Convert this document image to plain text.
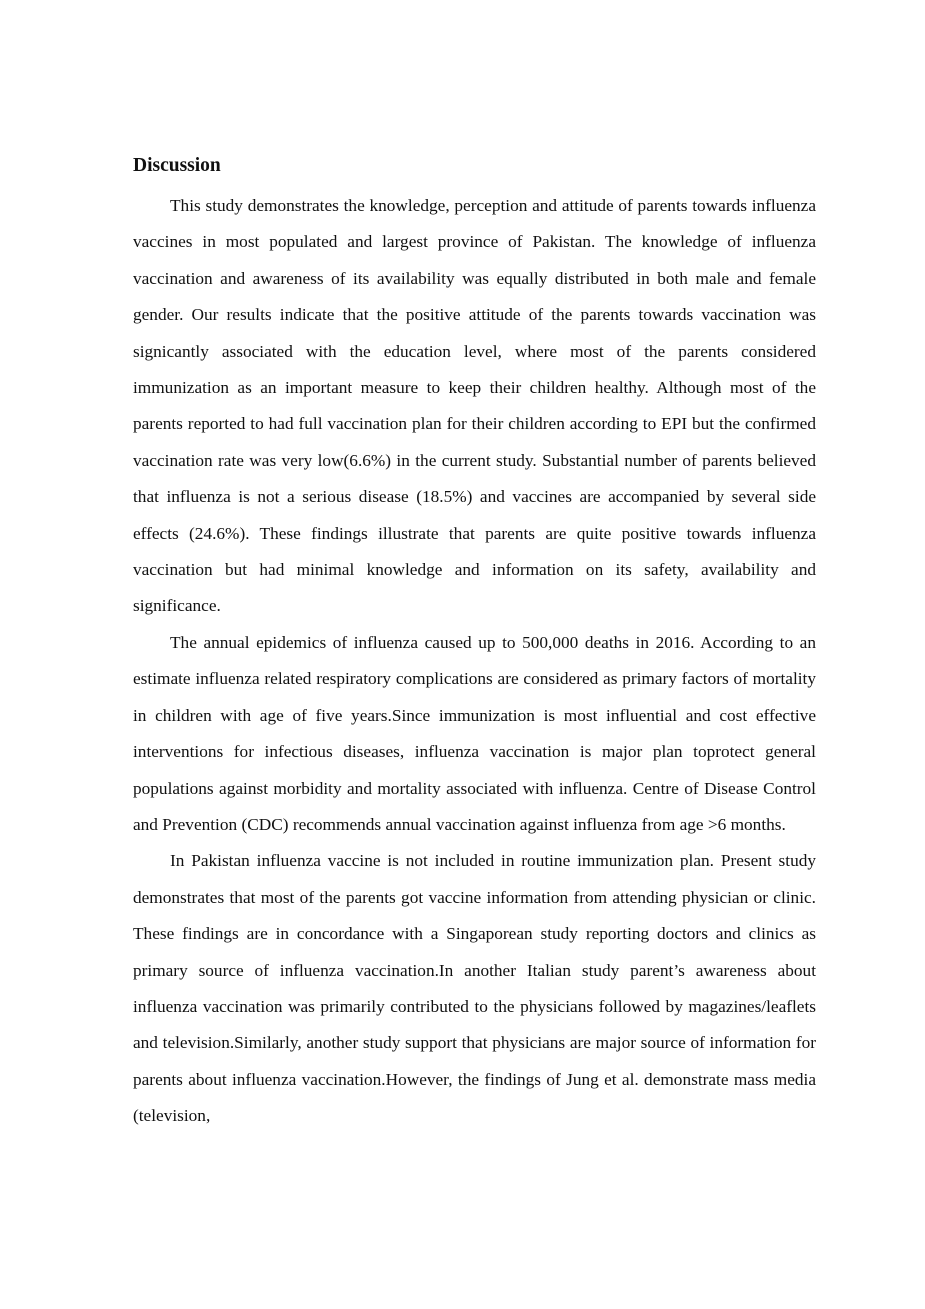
Discussion

This study demonstrates the knowledge, perception and attitude of parents towards influenza vaccines in most populated and largest province of Pakistan. The knowledge of influenza vaccination and awareness of its availability was equally distributed in both male and female gender. Our results indicate that the positive attitude of the parents towards vaccination was signicantly associated with the education level, where most of the parents considered immunization as an important measure to keep their children healthy. Although most of the parents reported to had full vaccination plan for their children according to EPI but the confirmed vaccination rate was very low(6.6%) in the current study. Substantial number of parents believed that influenza is not a serious disease (18.5%) and vaccines are accompanied by several side effects (24.6%). These findings illustrate that parents are quite positive towards influenza vaccination but had minimal knowledge and information on its safety, availability and significance.

The annual epidemics of influenza caused up to 500,000 deaths in 2016. According to an estimate influenza related respiratory complications are considered as primary factors of mortality in children with age of five years.Since immunization is most influential and cost effective interventions for infectious diseases, influenza vaccination is major plan toprotect general populations against morbidity and mortality associated with influenza. Centre of Disease Control and Prevention (CDC) recommends annual vaccination against influenza from age >6 months.

In Pakistan influenza vaccine is not included in routine immunization plan. Present study demonstrates that most of the parents got vaccine information from attending physician or clinic. These findings are in concordance with a Singaporean study reporting doctors and clinics as primary source of influenza vaccination.In another Italian study parent’s awareness about influenza vaccination was primarily contributed to the physicians followed by magazines/leaflets and television.Similarly, another study support that physicians are major source of information for parents about influenza vaccination.However, the findings of Jung et al. demonstrate mass media (television,
